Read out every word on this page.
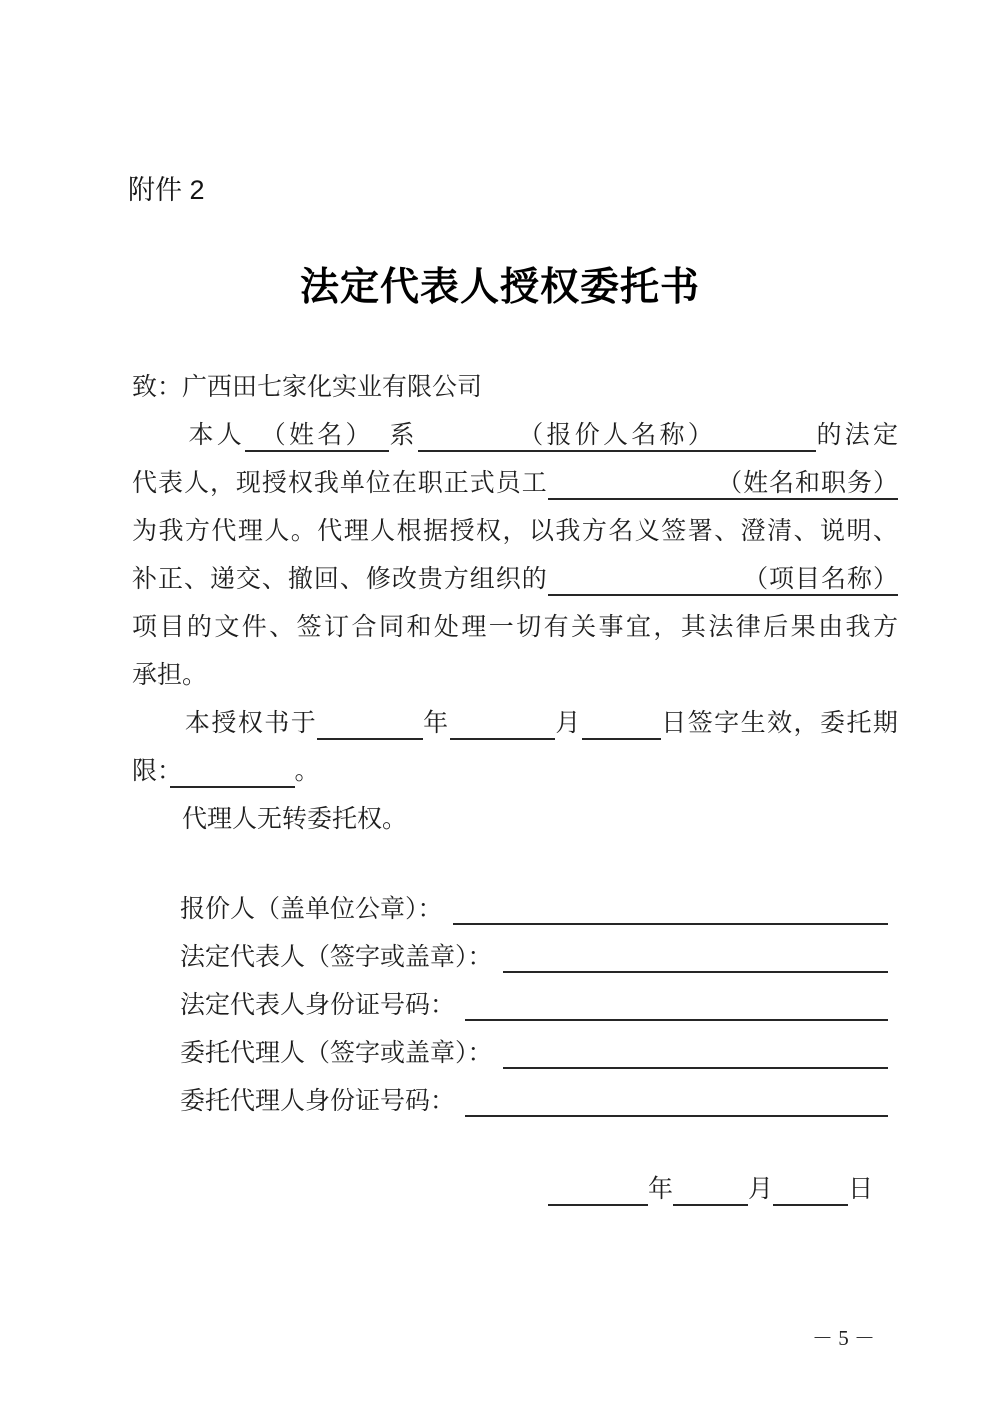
附件 2
法定代表人授权委托书
致：广西田七家化实业有限公司
　　本人　（姓名）　系　　　　（报价人名称）　　　　的法定
代表人，现授权我单位在职正式员工　　　　　　　（姓名和职务）
为我方代理人。代理人根据授权，以我方名义签署、澄清、说明、
补正、递交、撤回、修改贵方组织的　　　　　　　　（项目名称）
项目的文件、签订合同和处理一切有关事宜，其法律后果由我方
承担。
　　本授权书于　　　　	年　　　　	月　　　	日签字生效，委托期
限：　　　　　	。
　　代理人无转委托权。
报价人（盖单位公章）：
法定代表人（签字或盖章）：
法定代表人身份证号码：
委托代理人（签字或盖章）：
委托代理人身份证号码：
　　　　年　　　	月　　　	日
－ 5 －
